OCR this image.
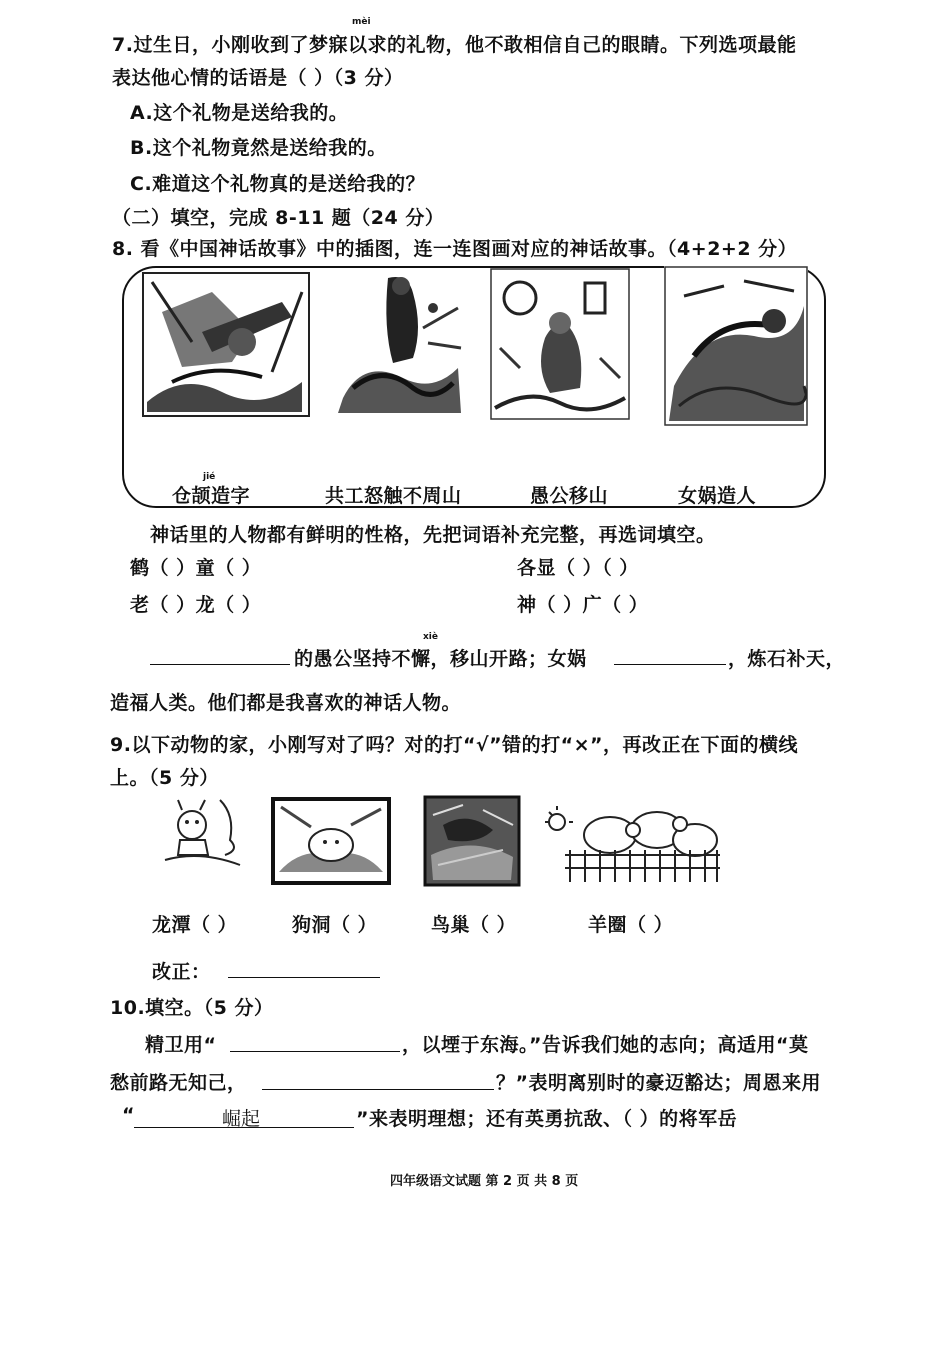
mèi
7.过生日，小刚收到了梦寐以求的礼物，他不敢相信自己的眼睛。下列选项最能
表达他心情的话语是（ ）（3 分）
A.这个礼物是送给我的。
B.这个礼物竟然是送给我的。
C.难道这个礼物真的是送给我的？
（二）填空，完成 8-11 题（24 分）
8. 看《中国神话故事》中的插图，连一连图画对应的神话故事。（4+2+2 分）
jié
仓颉造字	共工怒触不周山	愚公移山	女娲造人
神话里的人物都有鲜明的性格，先把词语补充完整，再选词填空。
鹤（ ）童（ ）	各显（ ）（ ）
老（ ）龙（ ）	神（ ）广（ ）
的愚公坚持不懈，移山开路；女娲
xiè
，炼石补天，
造福人类。他们都是我喜欢的神话人物。
9.以下动物的家，小刚写对了吗？对的打“√”错的打“×”，再改正在下面的横线
上。（5 分）
龙潭（ ）	狗洞（ ）	鸟巢（ ）	羊圈（ ）
改正：
10.填空。（5 分）
精卫用“	，以堙于东海。”告诉我们她的志向；高适用“莫
愁前路无知己，	？”表明离别时的豪迈豁达；周恩来用
“	崛起	”来表明理想；还有英勇抗敌、（ ）的将军岳
四年级语文试题 第 2 页 共 8 页
